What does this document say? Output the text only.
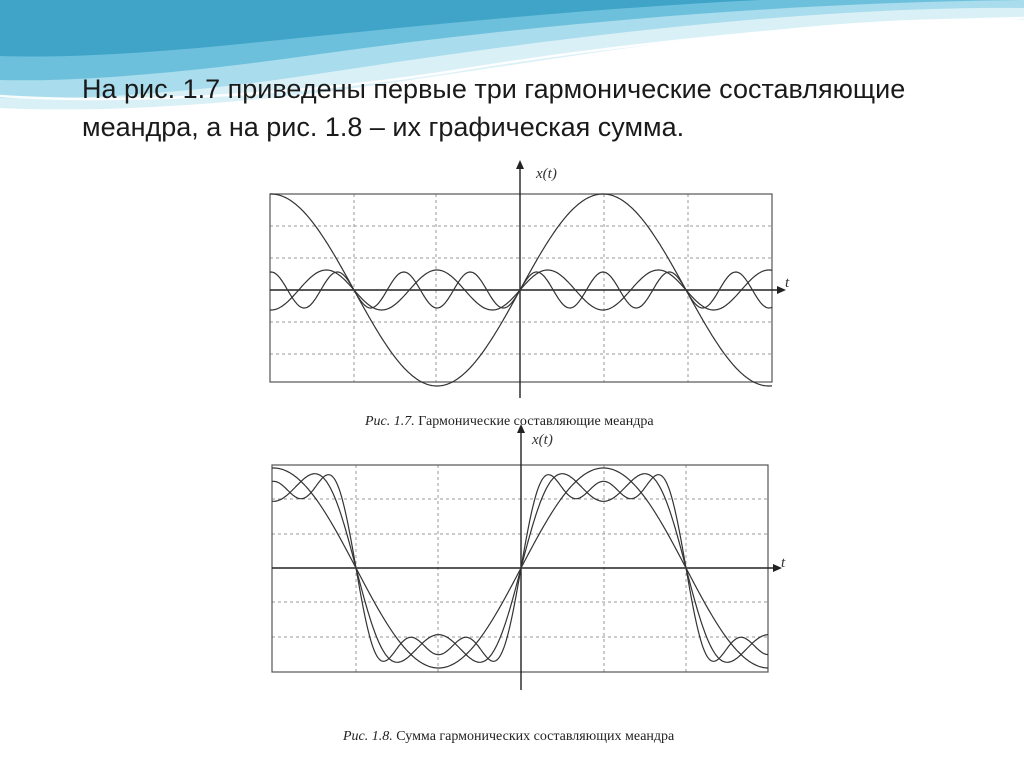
На рис. 1.7 приведены первые три гармонические составляющие меандра, а на рис. 1.8 – их графическая сумма.
x(t)
t
x(t)
t
Рис. 1.7. Гармонические составляющие меандра
Рис. 1.8. Сумма гармонических составляющих меандра
